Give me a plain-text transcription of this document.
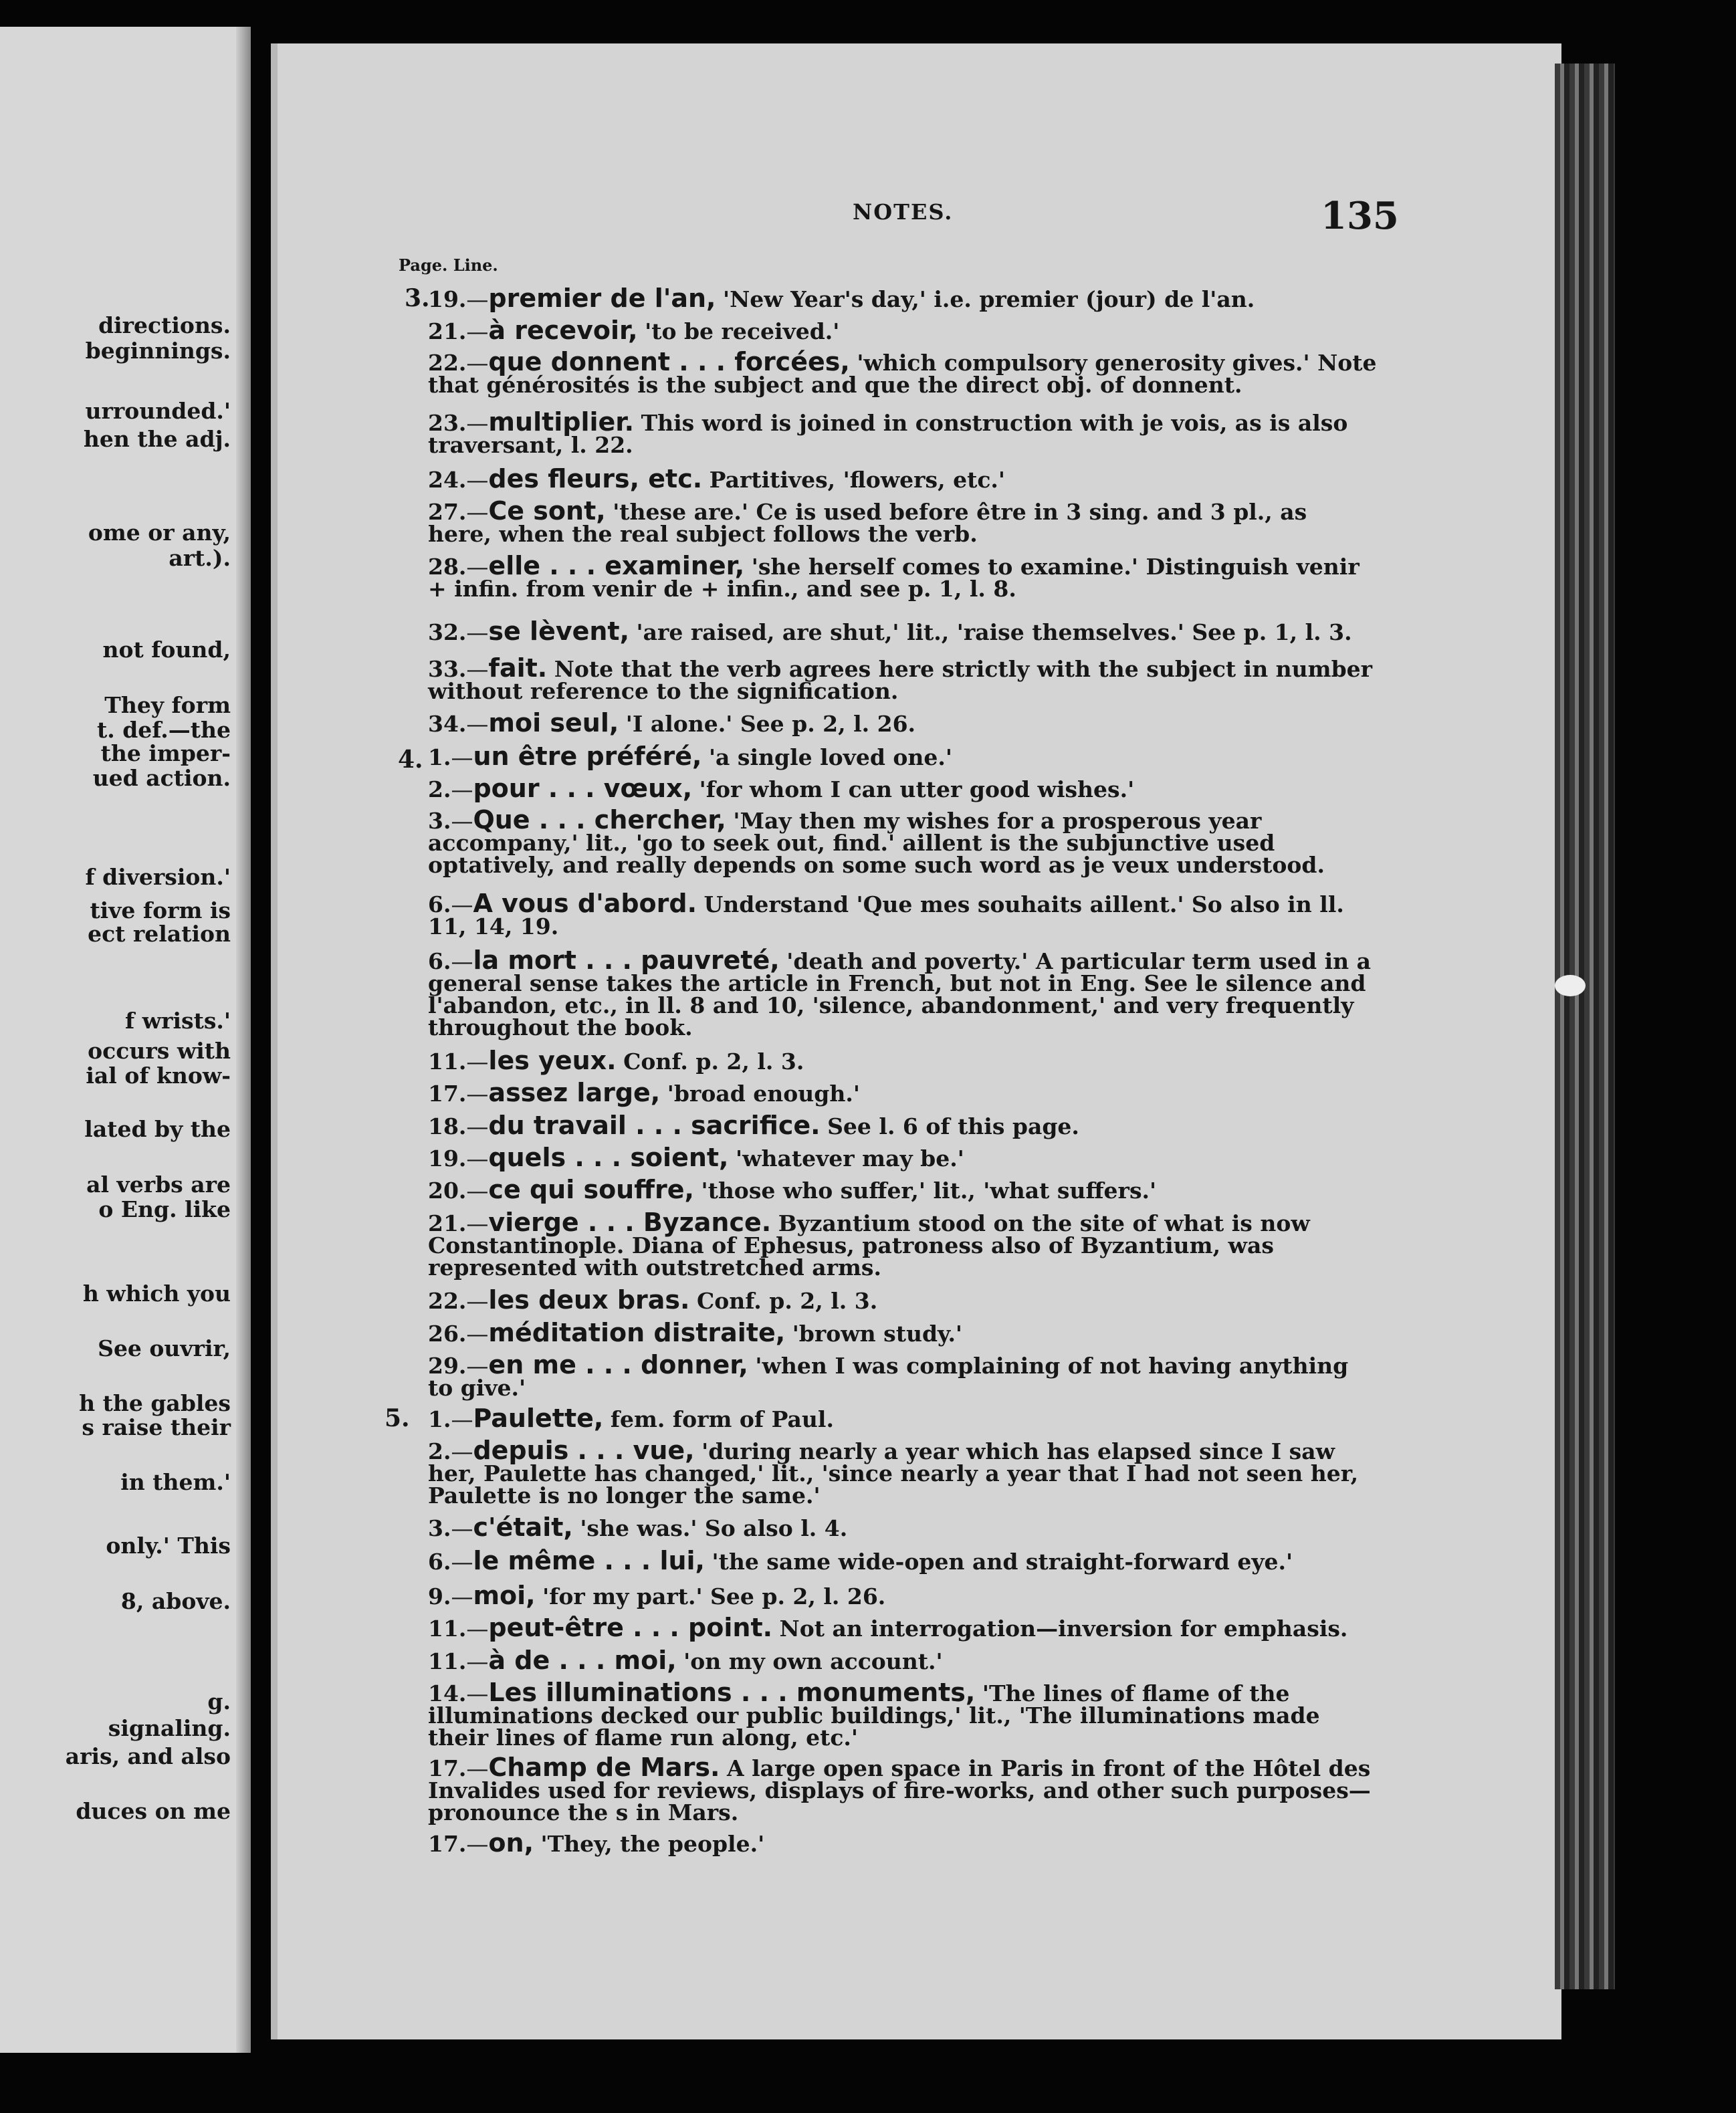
directions.
beginnings.
urrounded.'
hen the adj.
ome or any,
art.).
not found,
They form
t. def.—the
the imper-
ued action.
f diversion.'
tive form is
ect relation
f wrists.'
occurs with
ial of know-
lated by the
al verbs are
o Eng. like
h which you
See ouvrir,
h the gables
s raise their
in them.'
only.' This
8, above.
g.
signaling.
aris, and also
duces on me
NOTES.	135
Page. Line.
3.
4.
5.
19.—premier de l'an, 'New Year's day,' i.e. premier (jour) de l'an.
21.—à recevoir, 'to be received.'
22.—que donnent . . . forcées, 'which compulsory generosity gives.' Note that générosités is the subject and que the direct obj. of donnent.
23.—multiplier. This word is joined in construction with je vois, as is also traversant, l. 22.
24.—des fleurs, etc. Partitives, 'flowers, etc.'
27.—Ce sont, 'these are.' Ce is used before être in 3 sing. and 3 pl., as here, when the real subject follows the verb.
28.—elle . . . examiner, 'she herself comes to examine.' Distinguish venir + infin. from venir de + infin., and see p. 1, l. 8.
32.—se lèvent, 'are raised, are shut,' lit., 'raise themselves.' See p. 1, l. 3.
33.—fait. Note that the verb agrees here strictly with the subject in number without reference to the signification.
34.—moi seul, 'I alone.' See p. 2, l. 26.
1.—un être préféré, 'a single loved one.'
2.—pour . . . vœux, 'for whom I can utter good wishes.'
3.—Que . . . chercher, 'May then my wishes for a prosperous year accompany,' lit., 'go to seek out, find.' aillent is the subjunctive used optatively, and really depends on some such word as je veux understood.
6.—A vous d'abord. Understand 'Que mes souhaits aillent.' So also in ll. 11, 14, 19.
6.—la mort . . . pauvreté, 'death and poverty.' A particular term used in a general sense takes the article in French, but not in Eng. See le silence and l'abandon, etc., in ll. 8 and 10, 'silence, abandonment,' and very frequently throughout the book.
11.—les yeux. Conf. p. 2, l. 3.
17.—assez large, 'broad enough.'
18.—du travail . . . sacrifice. See l. 6 of this page.
19.—quels . . . soient, 'whatever may be.'
20.—ce qui souffre, 'those who suffer,' lit., 'what suffers.'
21.—vierge . . . Byzance. Byzantium stood on the site of what is now Constantinople. Diana of Ephesus, patroness also of Byzantium, was represented with outstretched arms.
22.—les deux bras. Conf. p. 2, l. 3.
26.—méditation distraite, 'brown study.'
29.—en me . . . donner, 'when I was complaining of not having anything to give.'
1.—Paulette, fem. form of Paul.
2.—depuis . . . vue, 'during nearly a year which has elapsed since I saw her, Paulette has changed,' lit., 'since nearly a year that I had not seen her, Paulette is no longer the same.'
3.—c'était, 'she was.' So also l. 4.
6.—le même . . . lui, 'the same wide-open and straight-forward eye.'
9.—moi, 'for my part.' See p. 2, l. 26.
11.—peut-être . . . point. Not an interrogation—inversion for emphasis.
11.—à de . . . moi, 'on my own account.'
14.—Les illuminations . . . monuments, 'The lines of flame of the illuminations decked our public buildings,' lit., 'The illuminations made their lines of flame run along, etc.'
17.—Champ de Mars. A large open space in Paris in front of the Hôtel des Invalides used for reviews, displays of fire-works, and other such purposes—pronounce the s in Mars.
17.—on, 'They, the people.'
